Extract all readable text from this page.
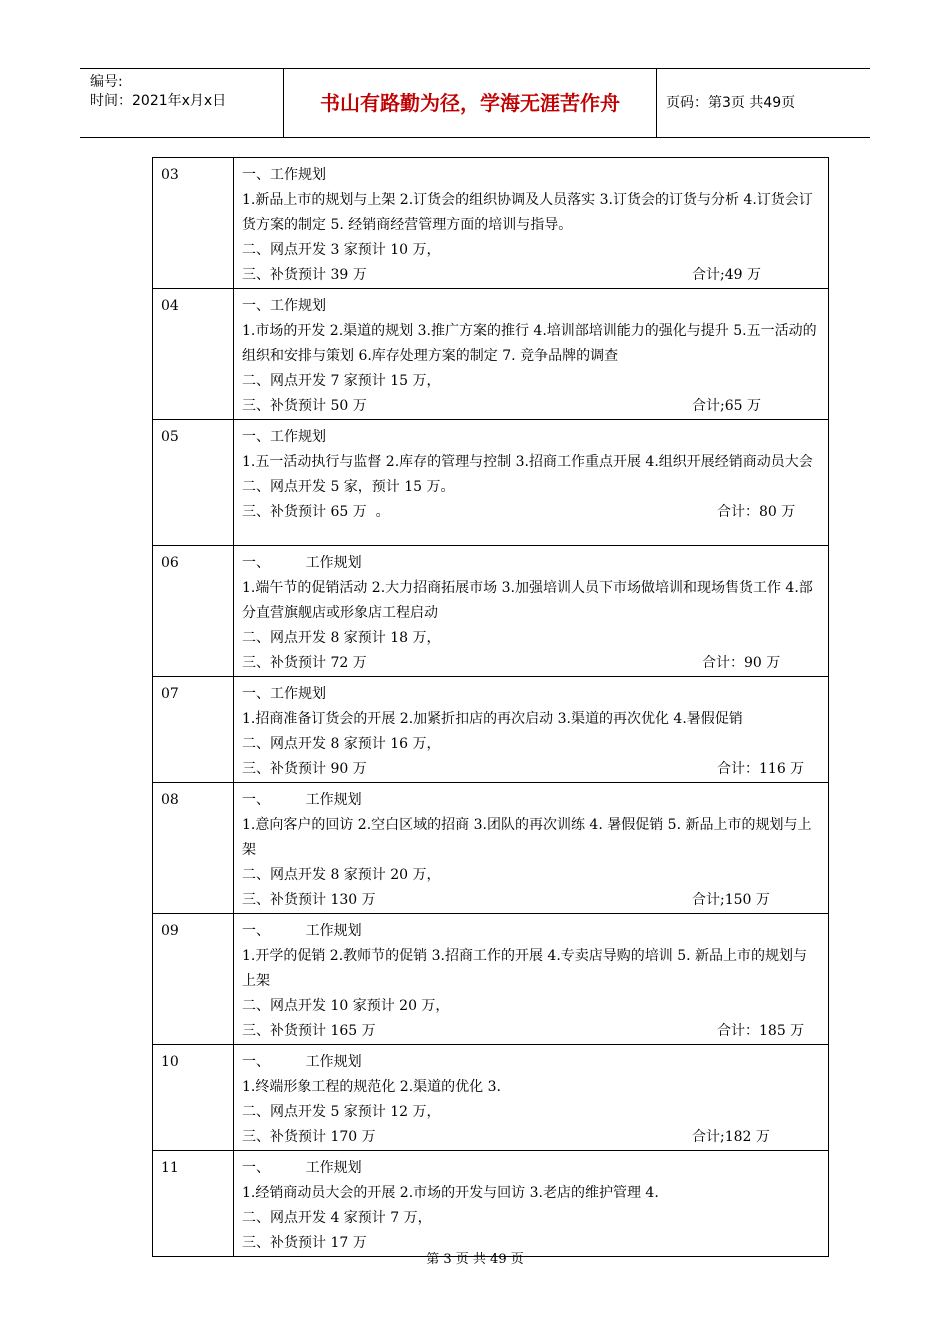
编号:
时间：2021年x月x日	书山有路勤为径，学海无涯苦作舟	页码：第3页 共49页
03	一、工作规划
1.新品上市的规划与上架 2.订货会的组织协调及人员落实 3.订货会的订货与分析 4.订货会订货方案的制定 5. 经销商经营管理方面的培训与指导。
二、网点开发 3 家预计 10 万，
三、补货预计 39 万 合计;49 万

04	一、工作规划
1.市场的开发 2.渠道的规划 3.推广方案的推行 4.培训部培训能力的强化与提升 5.五一活动的组织和安排与策划 6.库存处理方案的制定 7. 竞争品牌的调查
二、网点开发 7 家预计 15 万，
三、补货预计 50 万 合计;65 万

05	一、工作规划
1.五一活动执行与监督 2.库存的管理与控制 3.招商工作重点开展 4.组织开展经销商动员大会
二、网点开发 5 家，预计 15 万。
三、补货预计 65 万  。 合计：80 万

06	一、        工作规划
1.端午节的促销活动 2.大力招商拓展市场 3.加强培训人员下市场做培训和现场售货工作 4.部分直营旗舰店或形象店工程启动
二、网点开发 8 家预计 18 万，
三、补货预计 72 万 合计：90 万

07	一、工作规划
1.招商准备订货会的开展 2.加紧折扣店的再次启动 3.渠道的再次优化 4.暑假促销
二、网点开发 8 家预计 16 万，
三、补货预计 90 万 合计：116 万

08	一、        工作规划
1.意向客户的回访 2.空白区域的招商 3.团队的再次训练 4. 暑假促销 5. 新品上市的规划与上架
二、网点开发 8 家预计 20 万，
三、补货预计 130 万 合计;150 万

09	一、        工作规划
1.开学的促销 2.教师节的促销 3.招商工作的开展 4.专卖店导购的培训 5. 新品上市的规划与上架
二、网点开发 10 家预计 20 万，
三、补货预计 165 万 合计：185 万

10	一、        工作规划
1.终端形象工程的规范化 2.渠道的优化 3.
二、网点开发 5 家预计 12 万，
三、补货预计 170 万 合计;182 万

11	一、        工作规划
1.经销商动员大会的开展 2.市场的开发与回访 3.老店的维护管理 4.
二、网点开发 4 家预计 7 万，
三、补货预计 17 万
第 3 页 共 49 页
